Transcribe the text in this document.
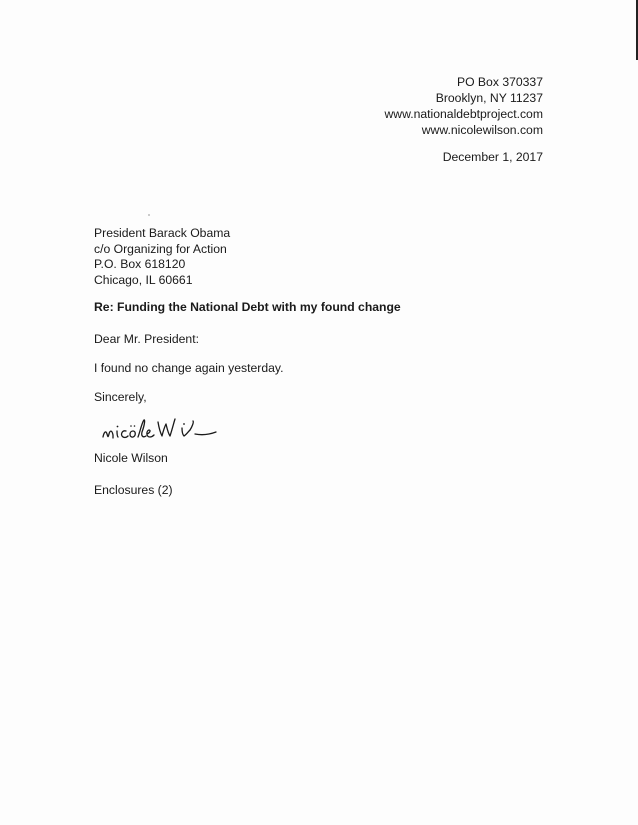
PO Box 370337
Brooklyn, NY 11237
www.nationaldebtproject.com
www.nicolewilson.com
December 1, 2017
President Barack Obama
c/o Organizing for Action
P.O. Box 618120
Chicago, IL 60661
Re: Funding the National Debt with my found change
Dear Mr. President:
I found no change again yesterday.
Sincerely,
Nicole Wilson
Enclosures (2)
